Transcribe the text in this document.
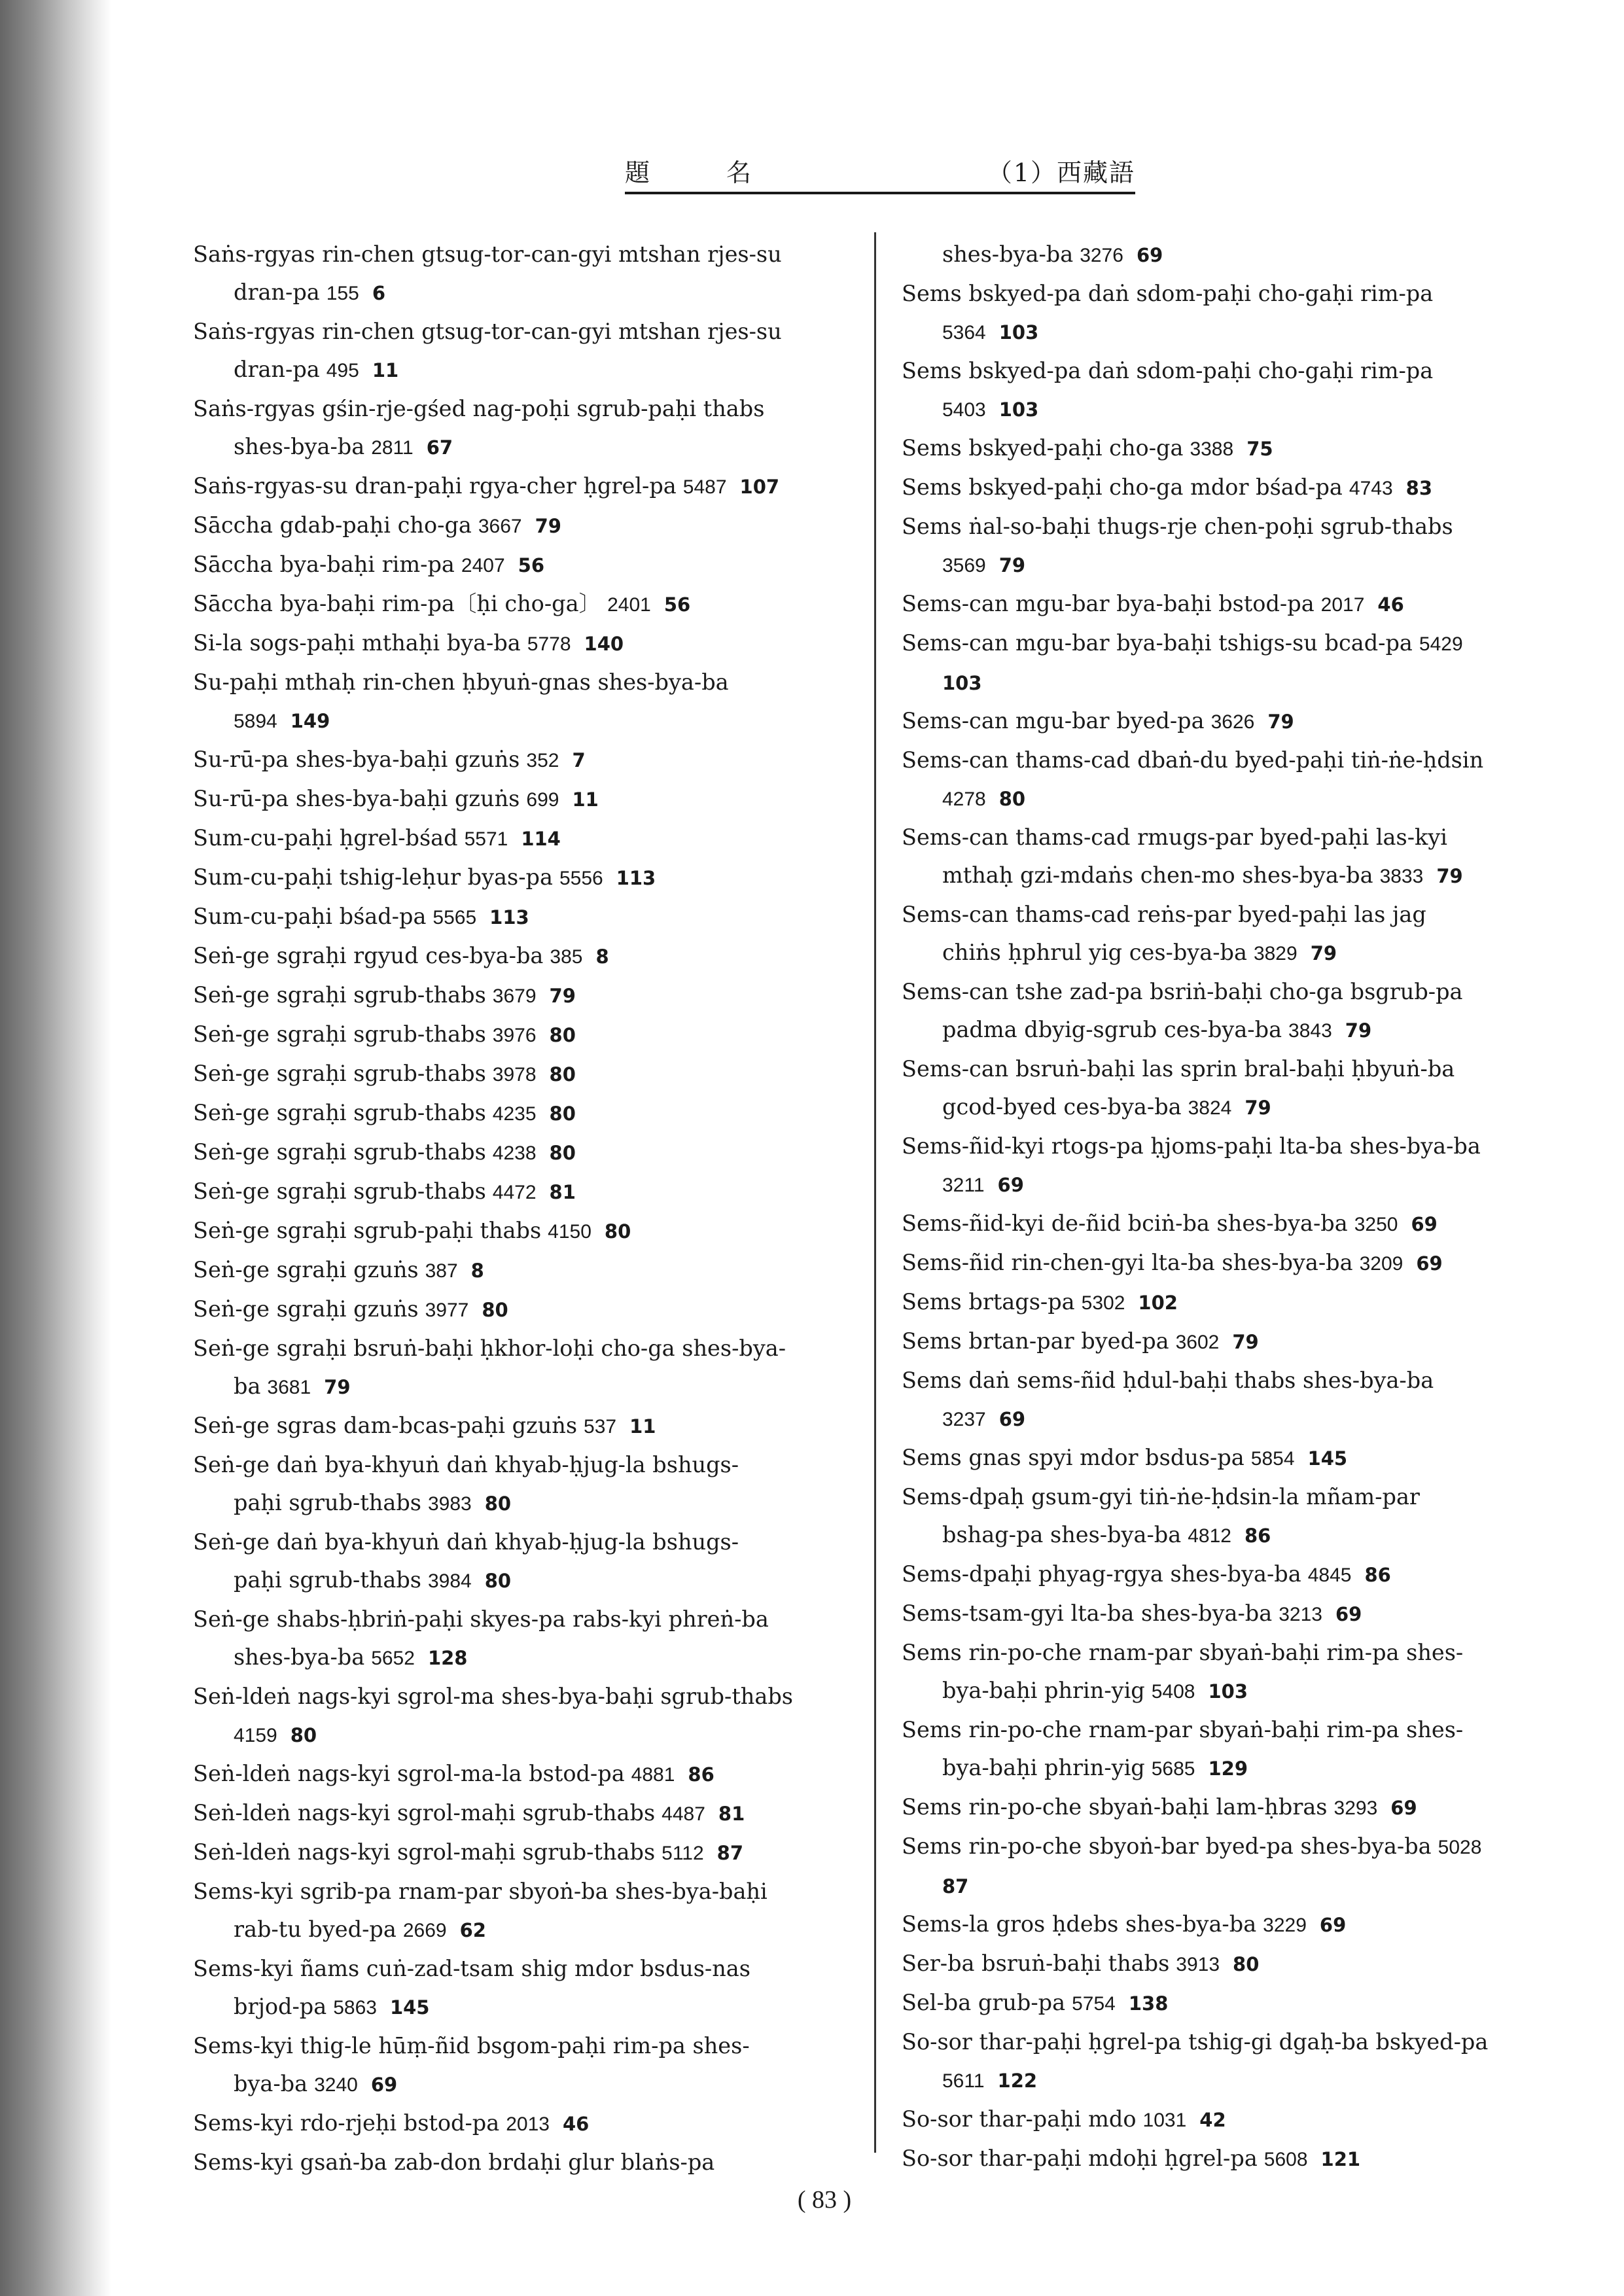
題	名	（1）西藏語
Saṅs-rgyas rin-chen gtsug-tor-can-gyi mtshan rjes-su
dran-pa 155 6
Saṅs-rgyas rin-chen gtsug-tor-can-gyi mtshan rjes-su
dran-pa 495 11
Saṅs-rgyas gśin-rje-gśed nag-poḥi sgrub-paḥi thabs
shes-bya-ba 2811 67
Saṅs-rgyas-su dran-paḥi rgya-cher ḥgrel-pa 5487 107
Sāccha gdab-paḥi cho-ga 3667 79
Sāccha bya-baḥi rim-pa 2407 56
Sāccha bya-baḥi rim-pa〔ḥi cho-ga〕 2401 56
Si-la sogs-paḥi mthaḥi bya-ba 5778 140
Su-paḥi mthaḥ rin-chen ḥbyuṅ-gnas shes-bya-ba
5894 149
Su-rū-pa shes-bya-baḥi gzuṅs 352 7
Su-rū-pa shes-bya-baḥi gzuṅs 699 11
Sum-cu-paḥi ḥgrel-bśad 5571 114
Sum-cu-paḥi tshig-leḥur byas-pa 5556 113
Sum-cu-paḥi bśad-pa 5565 113
Seṅ-ge sgraḥi rgyud ces-bya-ba 385 8
Seṅ-ge sgraḥi sgrub-thabs 3679 79
Seṅ-ge sgraḥi sgrub-thabs 3976 80
Seṅ-ge sgraḥi sgrub-thabs 3978 80
Seṅ-ge sgraḥi sgrub-thabs 4235 80
Seṅ-ge sgraḥi sgrub-thabs 4238 80
Seṅ-ge sgraḥi sgrub-thabs 4472 81
Seṅ-ge sgraḥi sgrub-paḥi thabs 4150 80
Seṅ-ge sgraḥi gzuṅs 387 8
Seṅ-ge sgraḥi gzuṅs 3977 80
Seṅ-ge sgraḥi bsruṅ-baḥi ḥkhor-loḥi cho-ga shes-bya-
ba 3681 79
Seṅ-ge sgras dam-bcas-paḥi gzuṅs 537 11
Seṅ-ge daṅ bya-khyuṅ daṅ khyab-ḥjug-la bshugs-
paḥi sgrub-thabs 3983 80
Seṅ-ge daṅ bya-khyuṅ daṅ khyab-ḥjug-la bshugs-
paḥi sgrub-thabs 3984 80
Seṅ-ge shabs-ḥbriṅ-paḥi skyes-pa rabs-kyi phreṅ-ba
shes-bya-ba 5652 128
Seṅ-ldeṅ nags-kyi sgrol-ma shes-bya-baḥi sgrub-thabs
4159 80
Seṅ-ldeṅ nags-kyi sgrol-ma-la bstod-pa 4881 86
Seṅ-ldeṅ nags-kyi sgrol-maḥi sgrub-thabs 4487 81
Seṅ-ldeṅ nags-kyi sgrol-maḥi sgrub-thabs 5112 87
Sems-kyi sgrib-pa rnam-par sbyoṅ-ba shes-bya-baḥi
rab-tu byed-pa 2669 62
Sems-kyi ñams cuṅ-zad-tsam shig mdor bsdus-nas
brjod-pa 5863 145
Sems-kyi thig-le hūṃ-ñid bsgom-paḥi rim-pa shes-
bya-ba 3240 69
Sems-kyi rdo-rjeḥi bstod-pa 2013 46
Sems-kyi gsaṅ-ba zab-don brdaḥi glur blaṅs-pa
shes-bya-ba 3276 69
Sems bskyed-pa daṅ sdom-paḥi cho-gaḥi rim-pa
5364 103
Sems bskyed-pa daṅ sdom-paḥi cho-gaḥi rim-pa
5403 103
Sems bskyed-paḥi cho-ga 3388 75
Sems bskyed-paḥi cho-ga mdor bśad-pa 4743 83
Sems ṅal-so-baḥi thugs-rje chen-poḥi sgrub-thabs
3569 79
Sems-can mgu-bar bya-baḥi bstod-pa 2017 46
Sems-can mgu-bar bya-baḥi tshigs-su bcad-pa 5429
103
Sems-can mgu-bar byed-pa 3626 79
Sems-can thams-cad dbaṅ-du byed-paḥi tiṅ-ṅe-ḥdsin
4278 80
Sems-can thams-cad rmugs-par byed-paḥi las-kyi
mthaḥ gzi-mdaṅs chen-mo shes-bya-ba 3833 79
Sems-can thams-cad reṅs-par byed-paḥi las jag
chiṅs ḥphrul yig ces-bya-ba 3829 79
Sems-can tshe zad-pa bsriṅ-baḥi cho-ga bsgrub-pa
padma dbyig-sgrub ces-bya-ba 3843 79
Sems-can bsruṅ-baḥi las sprin bral-baḥi ḥbyuṅ-ba
gcod-byed ces-bya-ba 3824 79
Sems-ñid-kyi rtogs-pa ḥjoms-paḥi lta-ba shes-bya-ba
3211 69
Sems-ñid-kyi de-ñid bciṅ-ba shes-bya-ba 3250 69
Sems-ñid rin-chen-gyi lta-ba shes-bya-ba 3209 69
Sems brtags-pa 5302 102
Sems brtan-par byed-pa 3602 79
Sems daṅ sems-ñid ḥdul-baḥi thabs shes-bya-ba
3237 69
Sems gnas spyi mdor bsdus-pa 5854 145
Sems-dpaḥ gsum-gyi tiṅ-ṅe-ḥdsin-la mñam-par
bshag-pa shes-bya-ba 4812 86
Sems-dpaḥi phyag-rgya shes-bya-ba 4845 86
Sems-tsam-gyi lta-ba shes-bya-ba 3213 69
Sems rin-po-che rnam-par sbyaṅ-baḥi rim-pa shes-
bya-baḥi phrin-yig 5408 103
Sems rin-po-che rnam-par sbyaṅ-baḥi rim-pa shes-
bya-baḥi phrin-yig 5685 129
Sems rin-po-che sbyaṅ-baḥi lam-ḥbras 3293 69
Sems rin-po-che sbyoṅ-bar byed-pa shes-bya-ba 5028
87
Sems-la gros ḥdebs shes-bya-ba 3229 69
Ser-ba bsruṅ-baḥi thabs 3913 80
Sel-ba grub-pa 5754 138
So-sor thar-paḥi ḥgrel-pa tshig-gi dgaḥ-ba bskyed-pa
5611 122
So-sor thar-paḥi mdo 1031 42
So-sor thar-paḥi mdoḥi ḥgrel-pa 5608 121
( 83 )
